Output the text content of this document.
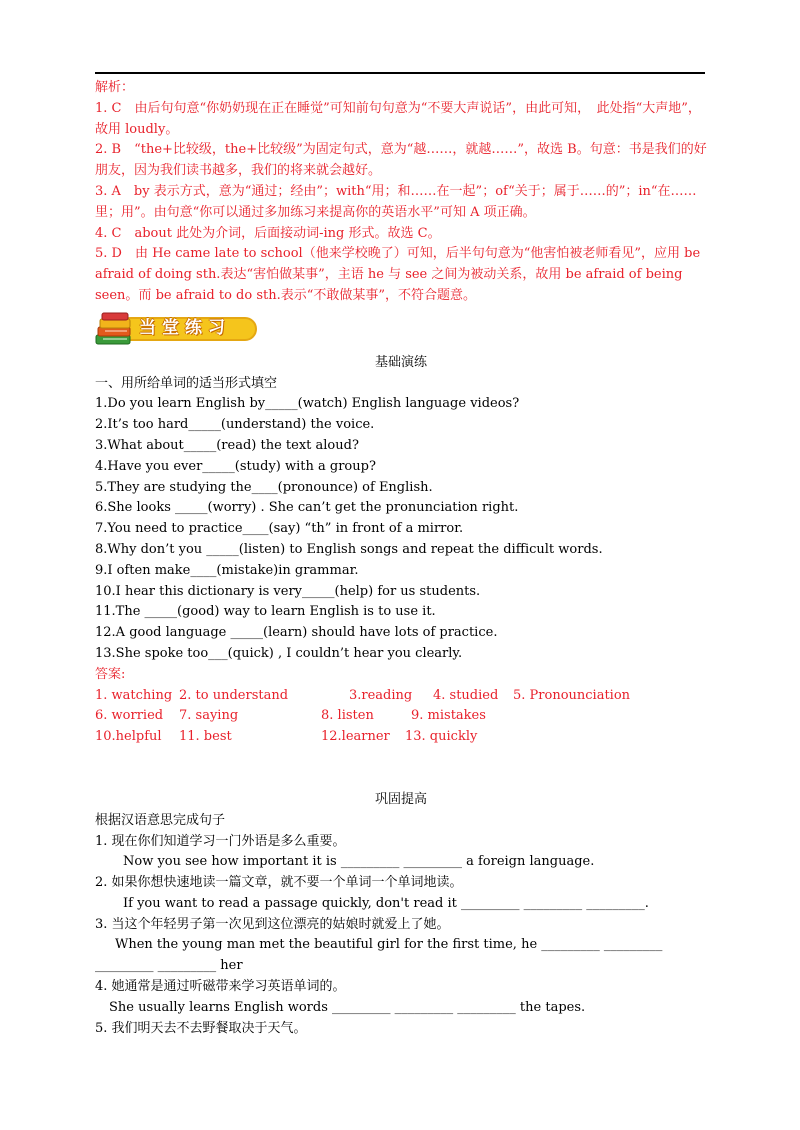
解析：
1. C　由后句句意“你奶奶现在正在睡觉”可知前句句意为“不要大声说话”，由此可知，　此处指“大声地”，故用 loudly。
2. B　“the+比较级，the+比较级”为固定句式，意为“越……，就越……”，故选 B。句意：书是我们的好朋友，因为我们读书越多，我们的将来就会越好。
3. A　by 表示方式，意为“通过；经由”；with“用；和……在一起”；of“关于；属于……的”；in“在……里；用”。由句意“你可以通过多加练习来提高你的英语水平”可知 A 项正确。
4. C　about 此处为介词，后面接动词-ing 形式。故选 C。
5. D　由 He came late to school（他来学校晚了）可知，后半句句意为“他害怕被老师看见”，应用 be afraid of doing sth.表达“害怕做某事”，主语 he 与 see 之间为被动关系，故用 be afraid of being seen。而 be afraid to do sth.表示“不敢做某事”，不符合题意。
当堂练习
基础演练
一、用所给单词的适当形式填空
1.Do you learn English by_____(watch) English language videos?
2.It’s too hard_____(understand) the voice.
3.What about_____(read) the text aloud?
4.Have you ever_____(study) with a group?
5.They are studying the____(pronounce) of English.
6.She looks _____(worry) . She can’t get the pronunciation right.
7.You need to practice____(say) “th” in front of a mirror.
8.Why don’t you _____(listen) to English songs and repeat the difficult words.
9.I often make____(mistake)in grammar.
10.I hear this dictionary is very_____(help) for us students.
11.The _____(good) way to learn English is to use it.
12.A good language _____(learn) should have lots of practice.
13.She spoke too___(quick) , I couldn’t hear you clearly.
答案:
1. watching 2. to understand	3.reading 4. studied 5. Pronounciation
6. worried 7. saying	8. listen	9. mistakes
10.helpful 11. best	12.learner 13. quickly
巩固提高
根据汉语意思完成句子
1. 现在你们知道学习一门外语是多么重要。
Now you see how important it is _________ _________ a foreign language.
2. 如果你想快速地读一篇文章，就不要一个单词一个单词地读。
If you want to read a passage quickly, don't read it _________ _________ _________.
3. 当这个年轻男子第一次见到这位漂亮的姑娘时就爱上了她。
When the young man met the beautiful girl for the first time, he _________ _________
_________ _________ her
4. 她通常是通过听磁带来学习英语单词的。
She usually learns English words _________ _________ _________ the tapes.
5. 我们明天去不去野餐取决于天气。
